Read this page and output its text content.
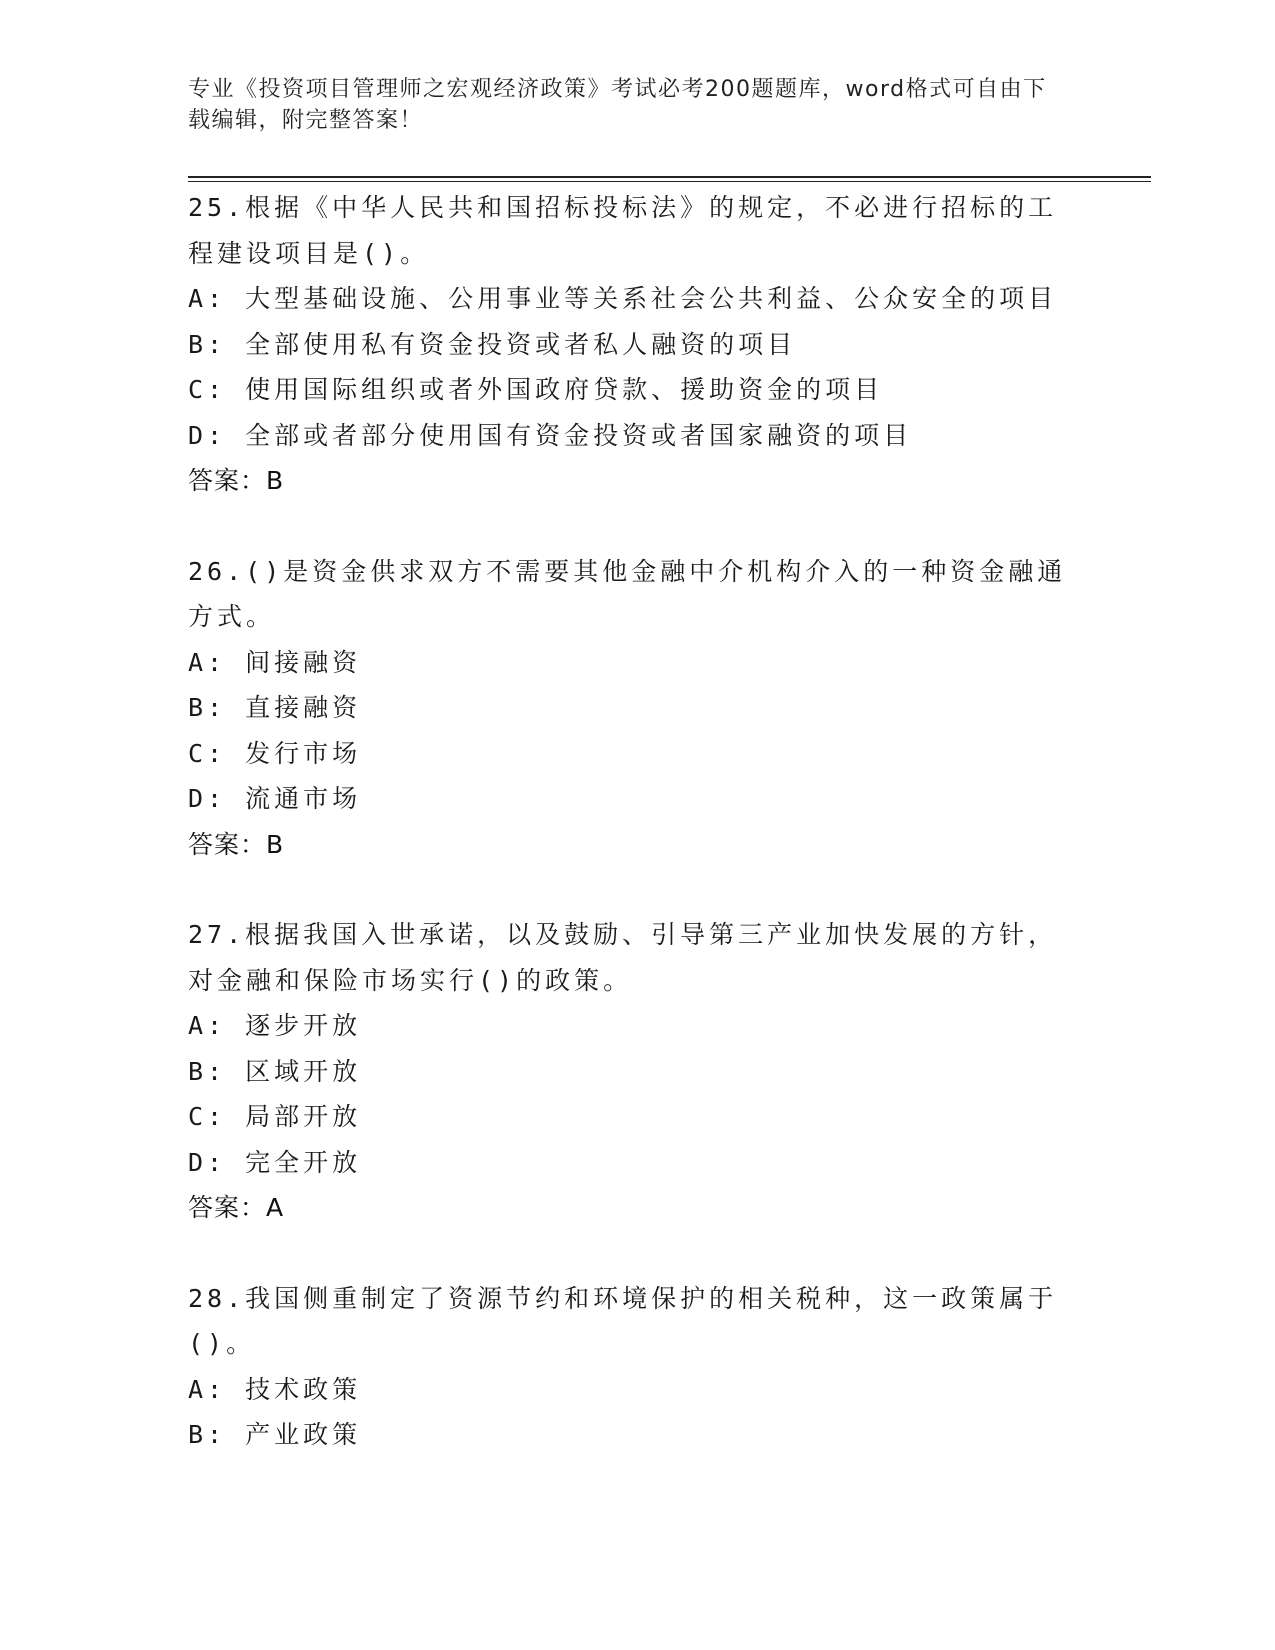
专业《投资项目管理师之宏观经济政策》考试必考200题题库，word格式可自由下载编辑，附完整答案！
25.根据《中华人民共和国招标投标法》的规定，不必进行招标的工程建设项目是()。
A: 大型基础设施、公用事业等关系社会公共利益、公众安全的项目
B: 全部使用私有资金投资或者私人融资的项目
C: 使用国际组织或者外国政府贷款、援助资金的项目
D: 全部或者部分使用国有资金投资或者国家融资的项目
答案：B
26.()是资金供求双方不需要其他金融中介机构介入的一种资金融通方式。
A: 间接融资
B: 直接融资
C: 发行市场
D: 流通市场
答案：B
27.根据我国入世承诺，以及鼓励、引导第三产业加快发展的方针，对金融和保险市场实行()的政策。
A: 逐步开放
B: 区域开放
C: 局部开放
D: 完全开放
答案：A
28.我国侧重制定了资源节约和环境保护的相关税种，这一政策属于()。
A: 技术政策
B: 产业政策
